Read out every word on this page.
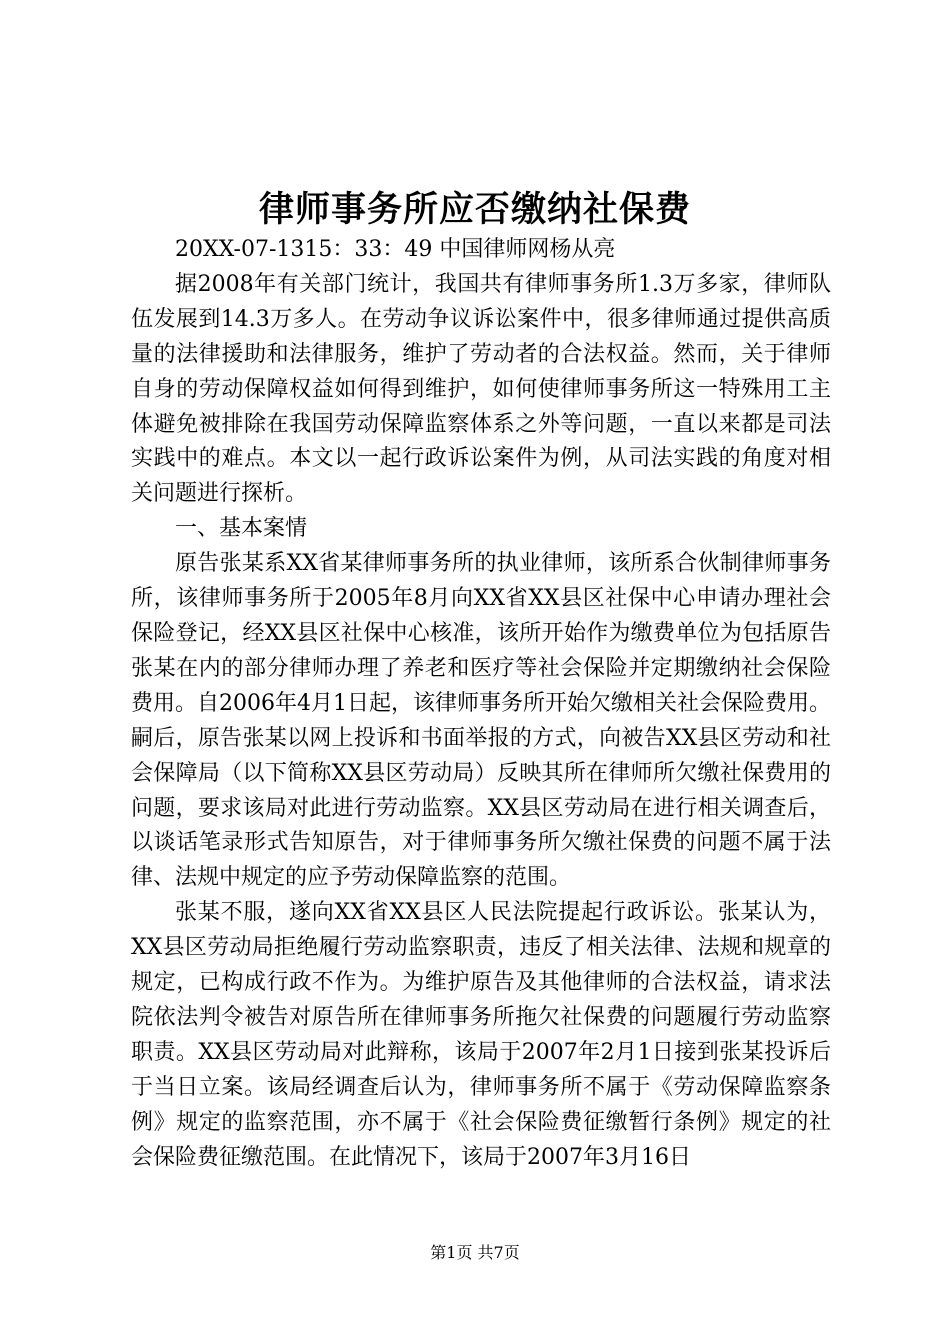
律师事务所应否缴纳社保费

20XX-07-1315：33：49 中国律师网杨从亮

据2008年有关部门统计，我国共有律师事务所1.3万多家，律师队伍发展到14.3万多人。在劳动争议诉讼案件中，很多律师通过提供高质量的法律援助和法律服务，维护了劳动者的合法权益。然而，关于律师自身的劳动保障权益如何得到维护，如何使律师事务所这一特殊用工主体避免被排除在我国劳动保障监察体系之外等问题，一直以来都是司法实践中的难点。本文以一起行政诉讼案件为例，从司法实践的角度对相关问题进行探析。

一、基本案情

原告张某系XX省某律师事务所的执业律师，该所系合伙制律师事务所，该律师事务所于2005年8月向XX省XX县区社保中心申请办理社会保险登记，经XX县区社保中心核准，该所开始作为缴费单位为包括原告张某在内的部分律师办理了养老和医疗等社会保险并定期缴纳社会保险费用。自2006年4月1日起，该律师事务所开始欠缴相关社会保险费用。嗣后，原告张某以网上投诉和书面举报的方式，向被告XX县区劳动和社会保障局（以下简称XX县区劳动局）反映其所在律师所欠缴社保费用的问题，要求该局对此进行劳动监察。XX县区劳动局在进行相关调查后，以谈话笔录形式告知原告，对于律师事务所欠缴社保费的问题不属于法律、法规中规定的应予劳动保障监察的范围。

张某不服，遂向XX省XX县区人民法院提起行政诉讼。张某认为，XX县区劳动局拒绝履行劳动监察职责，违反了相关法律、法规和规章的规定，已构成行政不作为。为维护原告及其他律师的合法权益，请求法院依法判令被告对原告所在律师事务所拖欠社保费的问题履行劳动监察职责。XX县区劳动局对此辩称，该局于2007年2月1日接到张某投诉后于当日立案。该局经调查后认为，律师事务所不属于《劳动保障监察条例》规定的监察范围，亦不属于《社会保险费征缴暂行条例》规定的社会保险费征缴范围。在此情况下，该局于2007年3月16日

第1页 共7页
